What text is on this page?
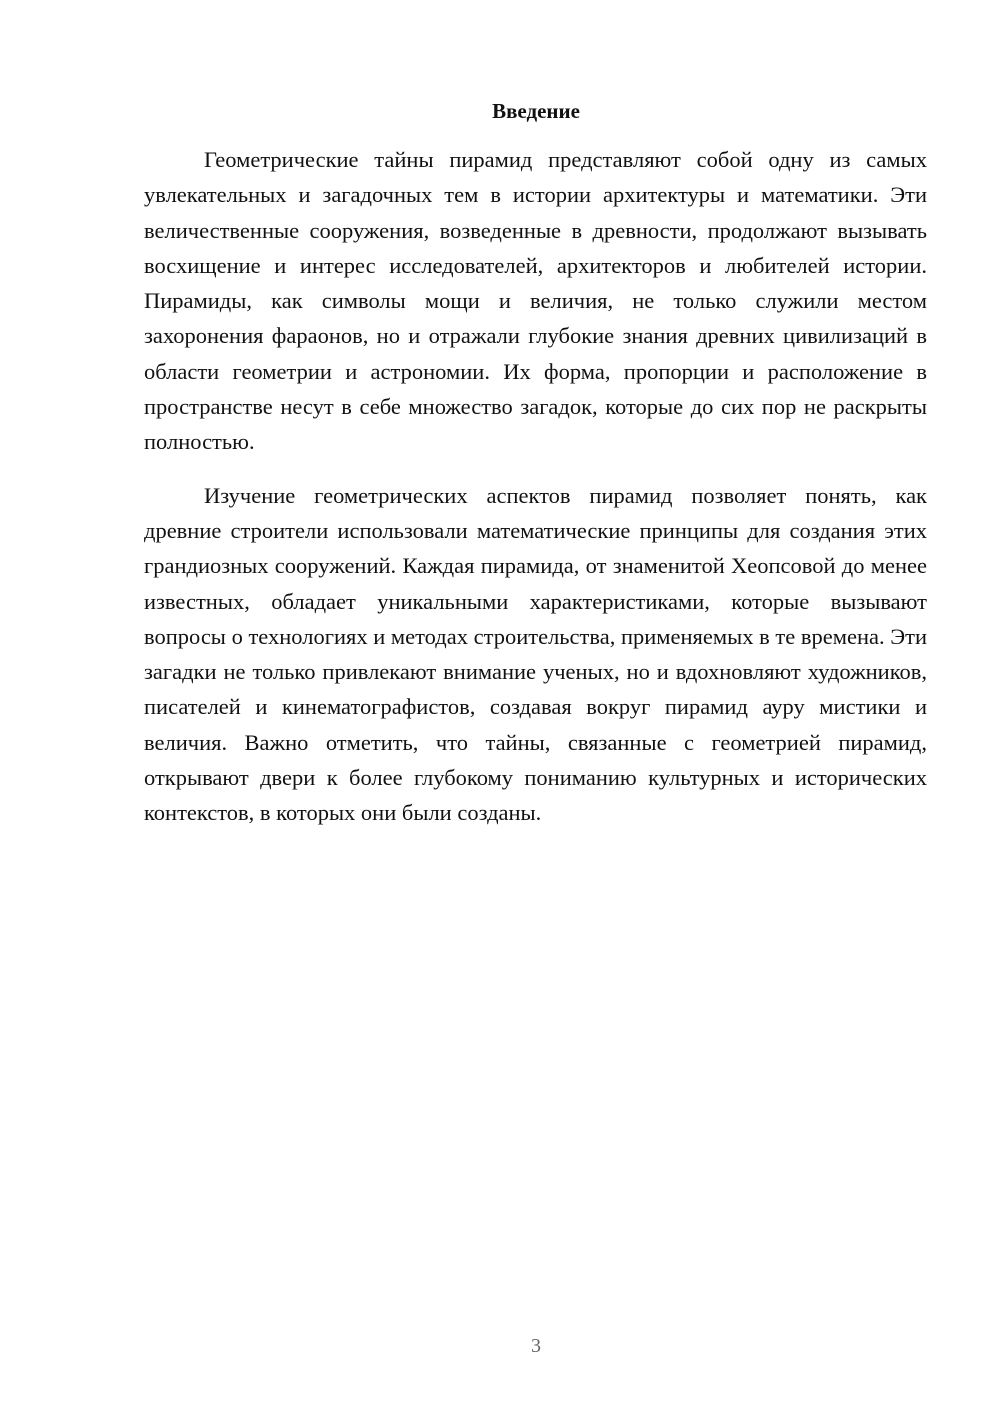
Введение

Геометрические тайны пирамид представляют собой одну из самых увлекательных и загадочных тем в истории архитектуры и математики. Эти величественные сооружения, возведенные в древности, продолжают вызывать восхищение и интерес исследователей, архитекторов и любителей истории. Пирамиды, как символы мощи и величия, не только служили местом захоронения фараонов, но и отражали глубокие знания древних цивилизаций в области геометрии и астрономии. Их форма, пропорции и расположение в пространстве несут в себе множество загадок, которые до сих пор не раскрыты полностью.

Изучение геометрических аспектов пирамид позволяет понять, как древние строители использовали математические принципы для создания этих грандиозных сооружений. Каждая пирамида, от знаменитой Хеопсовой до менее известных, обладает уникальными характеристиками, которые вызывают вопросы о технологиях и методах строительства, применяемых в те времена. Эти загадки не только привлекают внимание ученых, но и вдохновляют художников, писателей и кинематографистов, создавая вокруг пирамид ауру мистики и величия. Важно отметить, что тайны, связанные с геометрией пирамид, открывают двери к более глубокому пониманию культурных и исторических контекстов, в которых они были созданы.

3
